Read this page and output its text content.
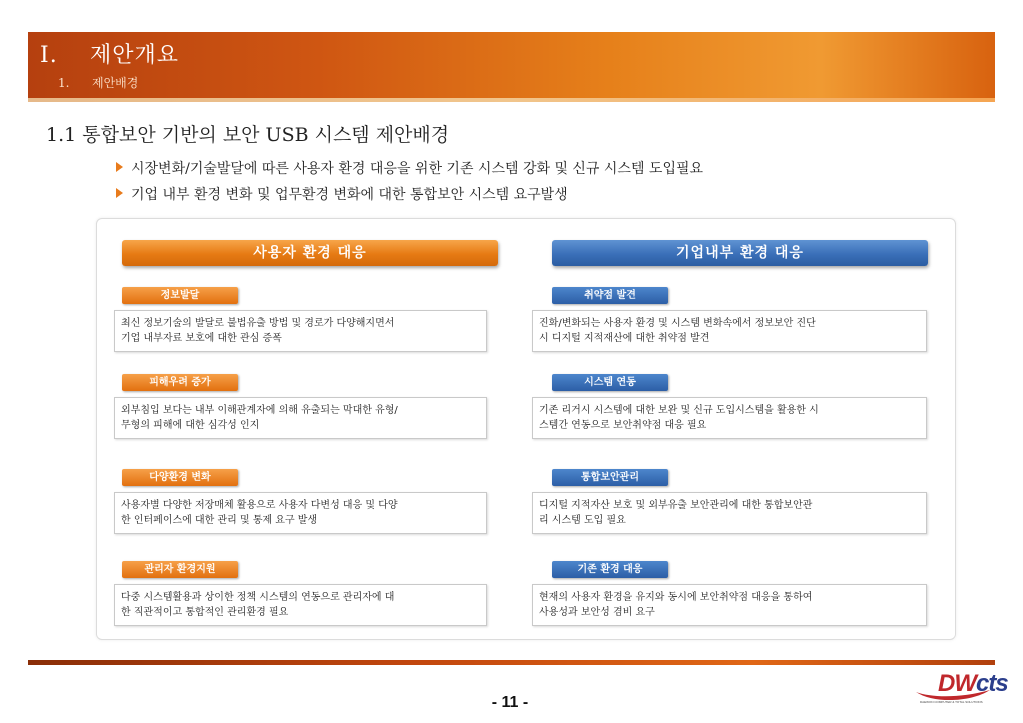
I. 제안개요
1. 제안배경
1.1 통합보안 기반의 보안 USB 시스템 제안배경
시장변화/기술발달에 따른 사용자 환경 대응을 위한 기존 시스템 강화 및 신규 시스템 도입필요
기업 내부 환경 변화 및 업무환경 변화에 대한 통합보안 시스템 요구발생
사용자 환경 대응	기업내부 환경 대응
정보발달
최신 정보기술의 발달로 불법유출 방법 및 경로가 다양해지면서
기업 내부자료 보호에 대한 관심 증폭
피해우려 증가
외부침입 보다는 내부 이해관계자에 의해 유출되는 막대한 유형/
무형의 피해에 대한 심각성 인지
다양환경 변화
사용자별 다양한 저장매체 활용으로 사용자 다변성 대응 및 다양
한 인터페이스에 대한 관리 및 통제 요구 발생
관리자 환경지원
다중 시스템활용과 상이한 정책 시스템의 연동으로 관리자에 대
한 직관적이고 통합적인 관리환경 필요
취약점 발견
진화/변화되는 사용자 환경 및 시스템 변화속에서 정보보안 진단
시 디지털 지적재산에 대한 취약점 발견
시스템 연동
기존 리거시 시스템에 대한 보완 및 신규 도입시스템을 활용한 시
스템간 연동으로 보안취약점 대응 필요
통합보안관리
디지털 지적자산 보호 및 외부유출 보안관리에 대한 통합보안관
리 시스템 도입 필요
기존 환경 대응
현재의 사용자 환경을 유지와 동시에 보안취약점 대응을 통하여
사용성과 보안성 겸비 요구
- 11 -
DWcts
DAEWON COMPUTER & TOTAL SOLUTIONS
